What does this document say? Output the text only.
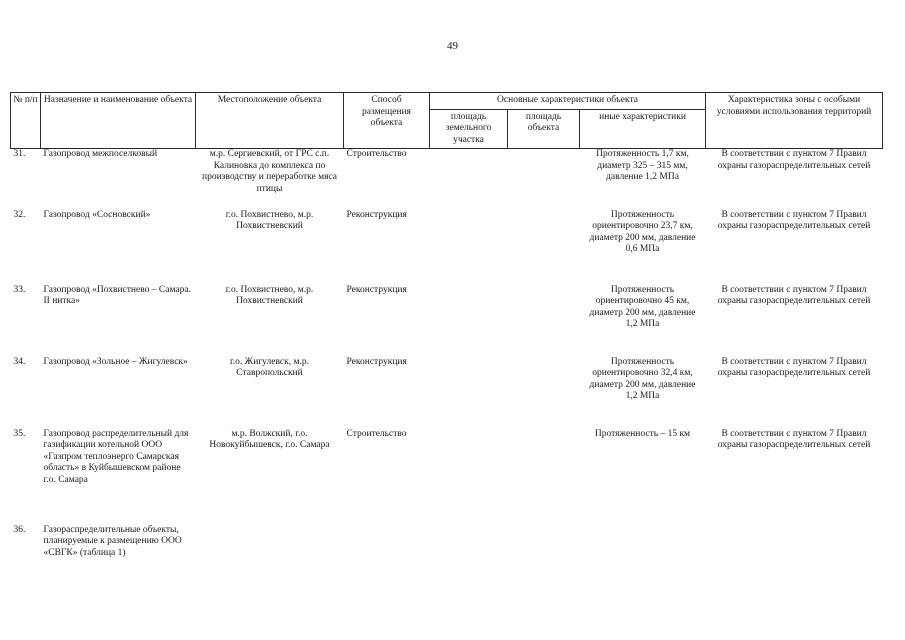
49
№ п/п	Назначение и наименование объекта	Местоположение объекта	Способ размещения объекта	Основные характеристики объекта			Характеристика зоны с особыми условиями использования территорий
				площадь земельного участка	площадь объекта	иные характеристики	
31.	Газопровод межпоселковый	м.р. Сергиевский, от ГРС с.п. Калиновка до комплекса по производству и переработке мяса птицы	Строительство			Протяженность 1,7 км, диаметр 325 – 315 мм, давление 1,2 МПа	В соответствии с пунктом 7 Правил охраны газораспределительных сетей
32.	Газопровод «Сосновский»	г.о. Похвистнево, м.р. Похвистневский	Реконструкция			Протяженность ориентировочно 23,7 км, диаметр 200 мм, давление 0,6 МПа	В соответствии с пунктом 7 Правил охраны газораспределительных сетей
33.	Газопровод «Похвистнево – Самара. II нитка»	г.о. Похвистнево, м.р. Похвистневский	Реконструкция			Протяженность ориентировочно 45 км, диаметр 200 мм, давление 1,2 МПа	В соответствии с пунктом 7 Правил охраны газораспределительных сетей
34.	Газопровод «Зольное – Жигулевск»	г.о. Жигулевск, м.р. Ставропольский	Реконструкция			Протяженность ориентировочно 32,4 км, диаметр 200 мм, давление 1,2 МПа	В соответствии с пунктом 7 Правил охраны газораспределительных сетей
35.	Газопровод распределительный для газификации котельной ООО «Газпром теплоэнерго Самарская область» в Куйбышевском районе г.о. Самара	м.р. Волжский, г.о. Новокуйбышевск, г.о. Самара	Строительство			Протяженность – 15 км	В соответствии с пунктом 7 Правил охраны газораспределительных сетей
36.	Газораспределительные объекты, планируемые к размещению ООО «СВГК» (таблица 1)						
